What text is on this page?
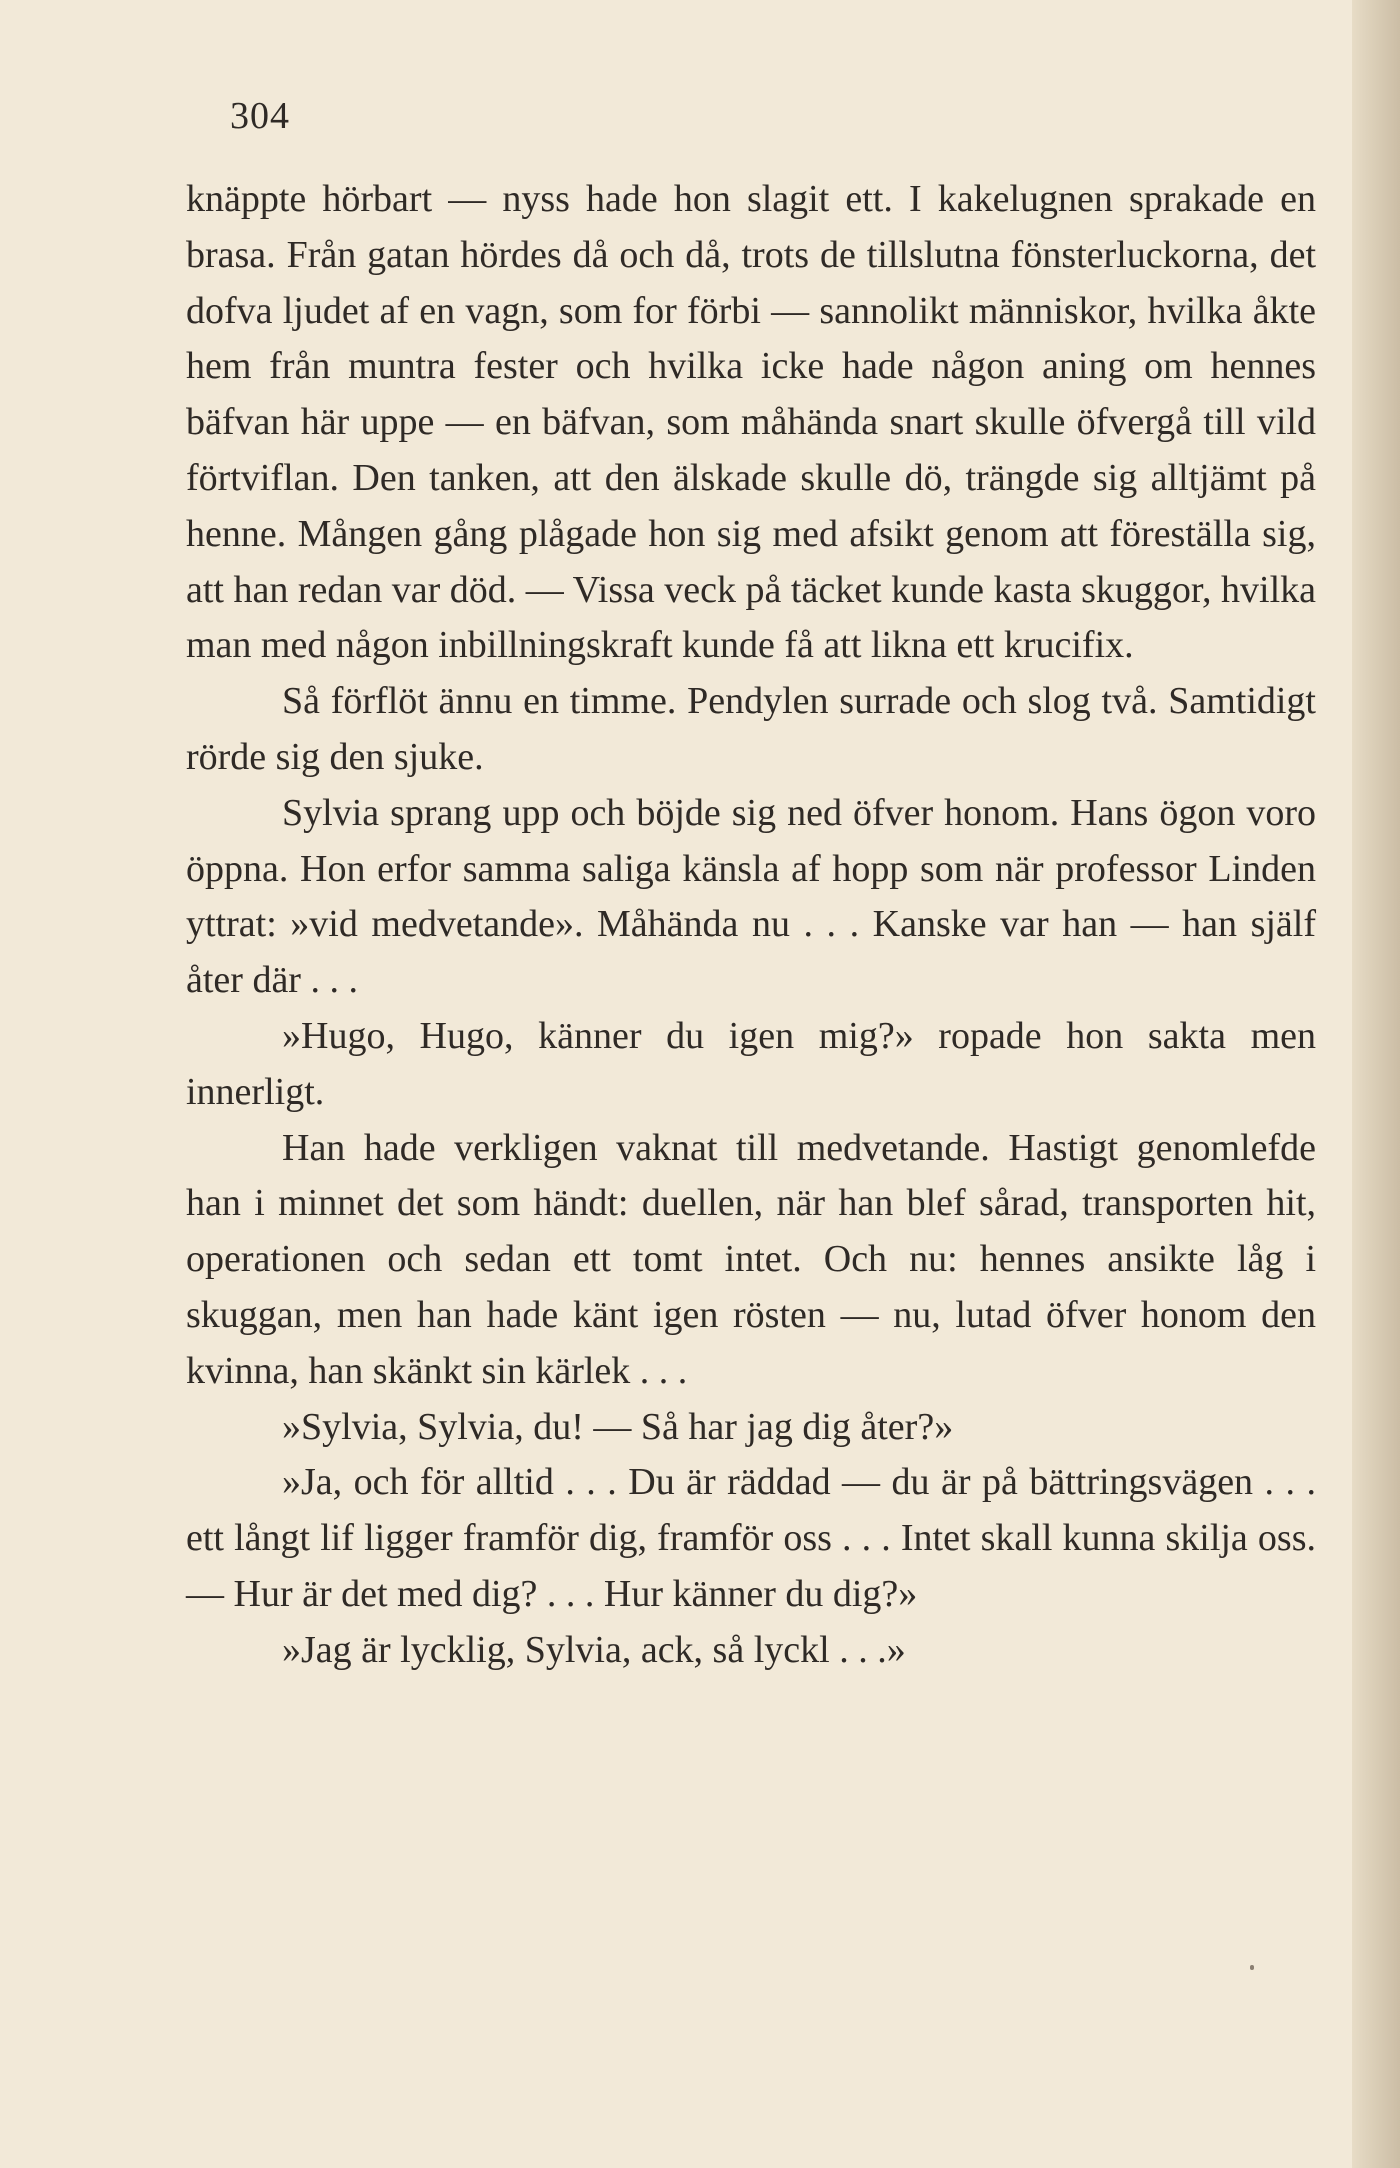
304

knäppte hörbart — nyss hade hon slagit ett. I kakelugnen sprakade en brasa. Från gatan hördes då och då, trots de tillslutna fönsterluckorna, det dofva ljudet af en vagn, som for förbi — sannolikt människor, hvilka åkte hem från muntra fester och hvilka icke hade någon aning om hennes bäfvan här uppe — en bäfvan, som måhända snart skulle öfvergå till vild förtviflan. Den tanken, att den älskade skulle dö, trängde sig alltjämt på henne. Mången gång plågade hon sig med afsikt genom att föreställa sig, att han redan var död. — Vissa veck på täcket kunde kasta skuggor, hvilka man med någon inbillningskraft kunde få att likna ett krucifix.

Så förflöt ännu en timme. Pendylen surrade och slog två. Samtidigt rörde sig den sjuke.

Sylvia sprang upp och böjde sig ned öfver honom. Hans ögon voro öppna. Hon erfor samma saliga känsla af hopp som när professor Linden yttrat: »vid medvetande». Måhända nu . . . Kanske var han — han själf åter där . . .

»Hugo, Hugo, känner du igen mig?» ropade hon sakta men innerligt.

Han hade verkligen vaknat till medvetande. Hastigt genomlefde han i minnet det som händt: duellen, när han blef sårad, transporten hit, operationen och sedan ett tomt intet. Och nu: hennes ansikte låg i skuggan, men han hade känt igen rösten — nu, lutad öfver honom den kvinna, han skänkt sin kärlek . . .

»Sylvia, Sylvia, du! — Så har jag dig åter?»

»Ja, och för alltid . . . Du är räddad — du är på bättringsvägen . . . ett långt lif ligger framför dig, framför oss . . . Intet skall kunna skilja oss. — Hur är det med dig? . . . Hur känner du dig?»

»Jag är lycklig, Sylvia, ack, så lyckl . . .»
